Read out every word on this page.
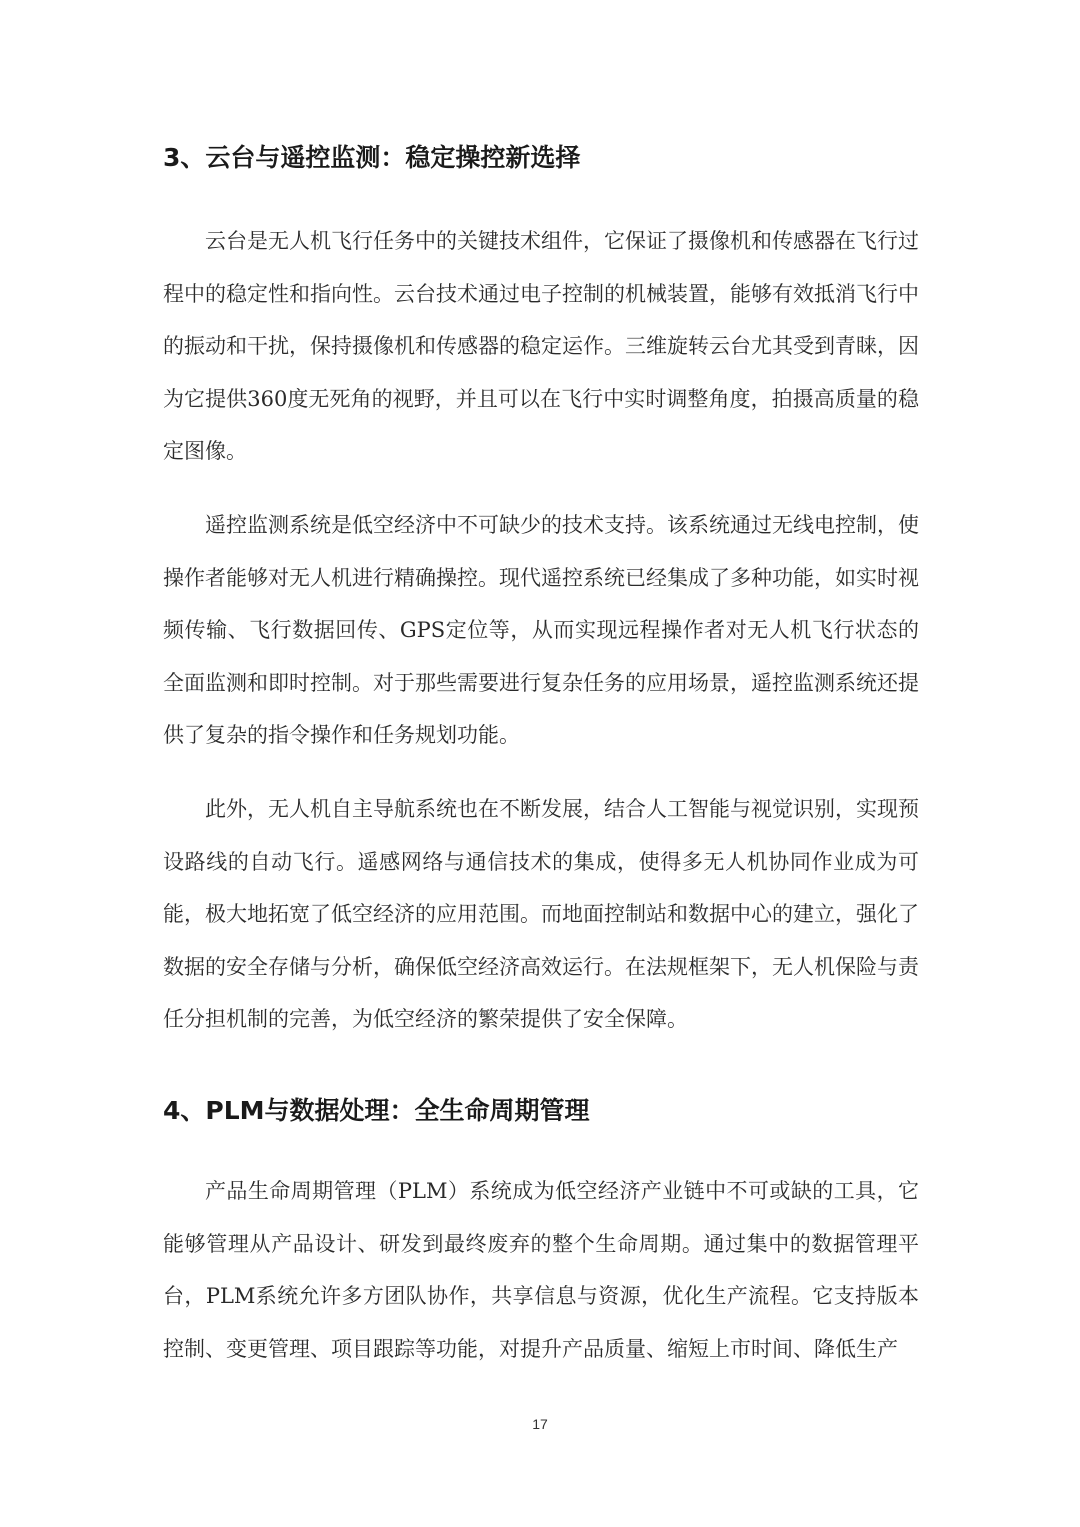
3、云台与遥控监测：稳定操控新选择

云台是无人机飞行任务中的关键技术组件，它保证了摄像机和传感器在飞行过程中的稳定性和指向性。云台技术通过电子控制的机械装置，能够有效抵消飞行中的振动和干扰，保持摄像机和传感器的稳定运作。三维旋转云台尤其受到青睐，因为它提供360度无死角的视野，并且可以在飞行中实时调整角度，拍摄高质量的稳定图像。

遥控监测系统是低空经济中不可缺少的技术支持。该系统通过无线电控制，使操作者能够对无人机进行精确操控。现代遥控系统已经集成了多种功能，如实时视频传输、飞行数据回传、GPS定位等，从而实现远程操作者对无人机飞行状态的全面监测和即时控制。对于那些需要进行复杂任务的应用场景，遥控监测系统还提供了复杂的指令操作和任务规划功能。

此外，无人机自主导航系统也在不断发展，结合人工智能与视觉识别，实现预设路线的自动飞行。遥感网络与通信技术的集成，使得多无人机协同作业成为可能，极大地拓宽了低空经济的应用范围。而地面控制站和数据中心的建立，强化了数据的安全存储与分析，确保低空经济高效运行。在法规框架下，无人机保险与责任分担机制的完善，为低空经济的繁荣提供了安全保障。

4、PLM与数据处理：全生命周期管理

产品生命周期管理（PLM）系统成为低空经济产业链中不可或缺的工具，它能够管理从产品设计、研发到最终废弃的整个生命周期。通过集中的数据管理平台，PLM系统允许多方团队协作，共享信息与资源，优化生产流程。它支持版本控制、变更管理、项目跟踪等功能，对提升产品质量、缩短上市时间、降低生产

17
